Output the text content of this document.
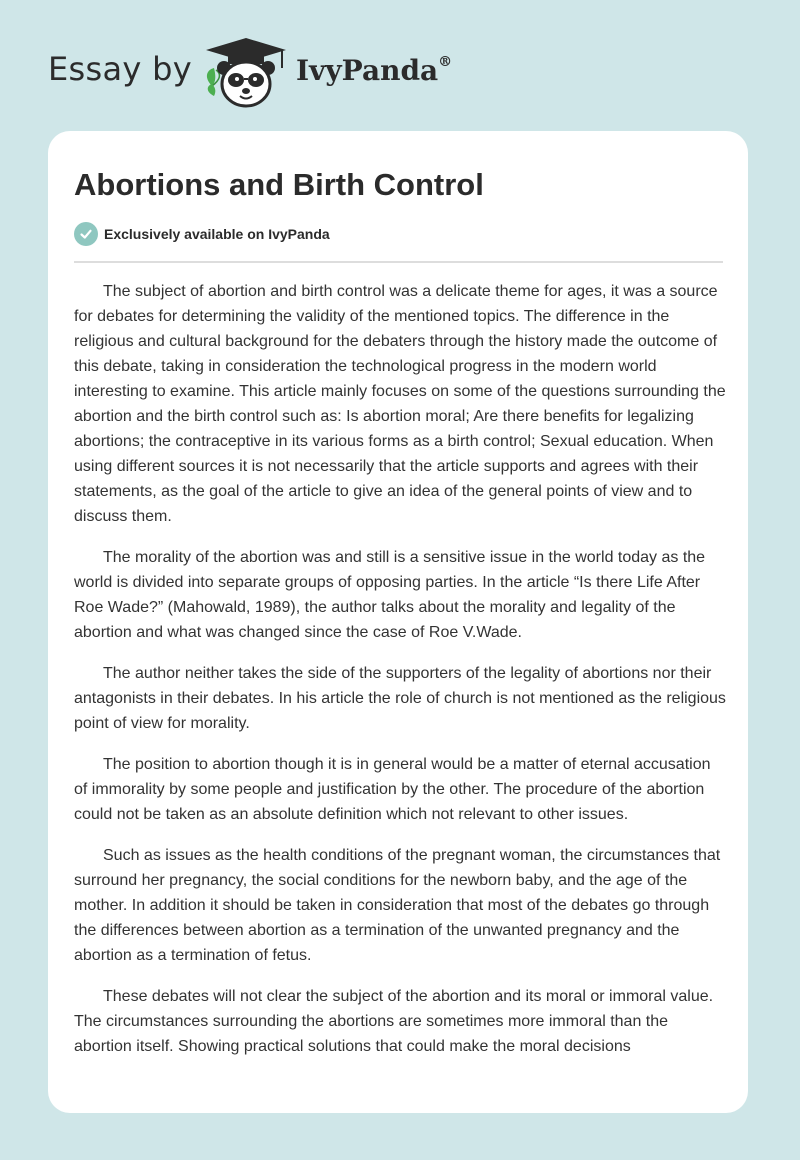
Essay by	IvyPanda®
Abortions and Birth Control
Exclusively available on IvyPanda

The subject of abortion and birth control was a delicate theme for ages, it was a source for debates for determining the validity of the mentioned topics. The difference in the religious and cultural background for the debaters through the history made the outcome of this debate, taking in consideration the technological progress in the modern world interesting to examine. This article mainly focuses on some of the questions surrounding the abortion and the birth control such as: Is abortion moral; Are there benefits for legalizing abortions; the contraceptive in its various forms as a birth control; Sexual education. When using different sources it is not necessarily that the article supports and agrees with their statements, as the goal of the article to give an idea of the general points of view and to discuss them.

The morality of the abortion was and still is a sensitive issue in the world today as the world is divided into separate groups of opposing parties. In the article “Is there Life After Roe Wade?” (Mahowald, 1989), the author talks about the morality and legality of the abortion and what was changed since the case of Roe V.Wade.

The author neither takes the side of the supporters of the legality of abortions nor their antagonists in their debates. In his article the role of church is not mentioned as the religious point of view for morality.

The position to abortion though it is in general would be a matter of eternal accusation of immorality by some people and justification by the other. The procedure of the abortion could not be taken as an absolute definition which not relevant to other issues.

Such as issues as the health conditions of the pregnant woman, the circumstances that surround her pregnancy, the social conditions for the newborn baby, and the age of the mother. In addition it should be taken in consideration that most of the debates go through the differences between abortion as a termination of the unwanted pregnancy and the abortion as a termination of fetus.

These debates will not clear the subject of the abortion and its moral or immoral value. The circumstances surrounding the abortions are sometimes more immoral than the abortion itself. Showing practical solutions that could make the moral decisions
